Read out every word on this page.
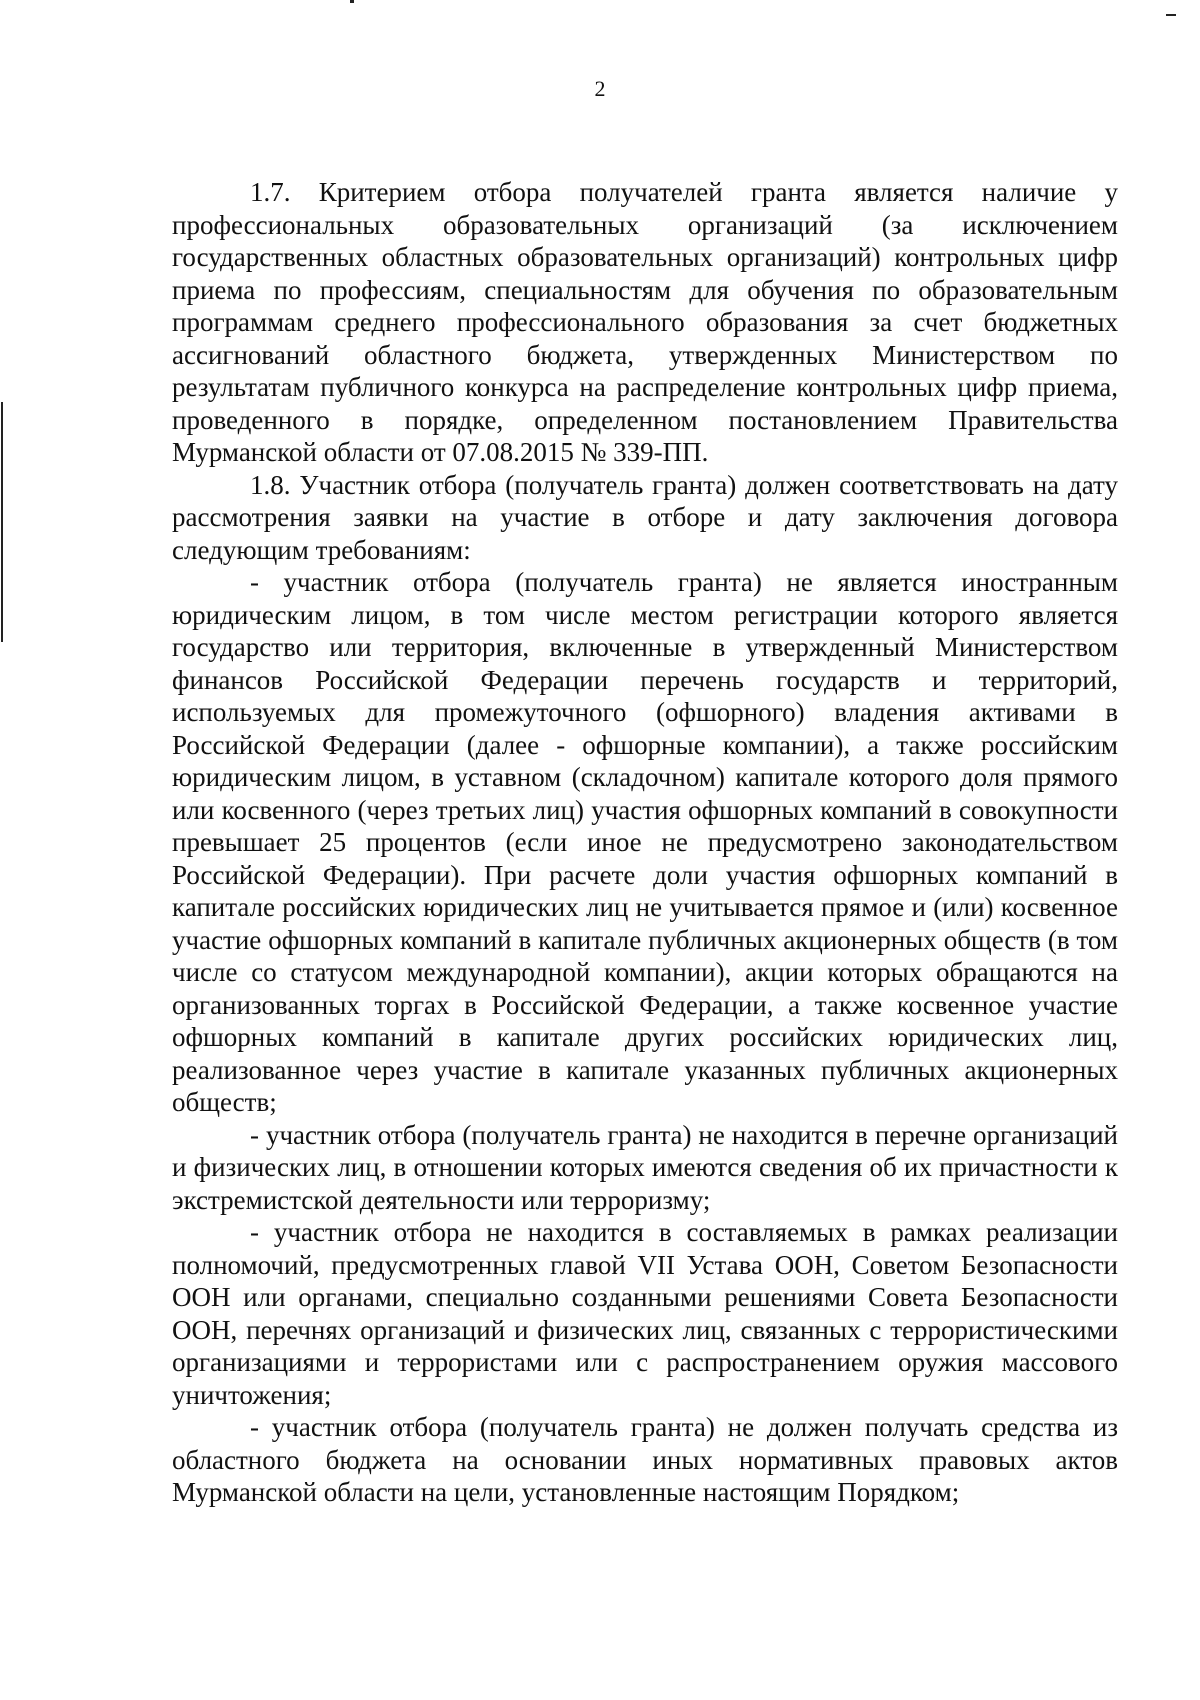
2

1.7. Критерием отбора получателей гранта является наличие у профессиональных образовательных организаций (за исключением государственных областных образовательных организаций) контрольных цифр приема по профессиям, специальностям для обучения по образовательным программам среднего профессионального образования за счет бюджетных ассигнований областного бюджета, утвержденных Министерством по результатам публичного конкурса на распределение контрольных цифр приема, проведенного в порядке, определенном постановлением Правительства Мурманской области от 07.08.2015 № 339-ПП.

1.8. Участник отбора (получатель гранта) должен соответствовать на дату рассмотрения заявки на участие в отборе и дату заключения договора следующим требованиям:

- участник отбора (получатель гранта) не является иностранным юридическим лицом, в том числе местом регистрации которого является государство или территория, включенные в утвержденный Министерством финансов Российской Федерации перечень государств и территорий, используемых для промежуточного (офшорного) владения активами в Российской Федерации (далее - офшорные компании), а также российским юридическим лицом, в уставном (складочном) капитале которого доля прямого или косвенного (через третьих лиц) участия офшорных компаний в совокупности превышает 25 процентов (если иное не предусмотрено законодательством Российской Федерации). При расчете доли участия офшорных компаний в капитале российских юридических лиц не учитывается прямое и (или) косвенное участие офшорных компаний в капитале публичных акционерных обществ (в том числе со статусом международной компании), акции которых обращаются на организованных торгах в Российской Федерации, а также косвенное участие офшорных компаний в капитале других российских юридических лиц, реализованное через участие в капитале указанных публичных акционерных обществ;

- участник отбора (получатель гранта) не находится в перечне организаций и физических лиц, в отношении которых имеются сведения об их причастности к экстремистской деятельности или терроризму;

- участник отбора не находится в составляемых в рамках реализации полномочий, предусмотренных главой VII Устава ООН, Советом Безопасности ООН или органами, специально созданными решениями Совета Безопасности ООН, перечнях организаций и физических лиц, связанных с террористическими организациями и террористами или с распространением оружия массового уничтожения;

- участник отбора (получатель гранта) не должен получать средства из областного бюджета на основании иных нормативных правовых актов Мурманской области на цели, установленные настоящим Порядком;
